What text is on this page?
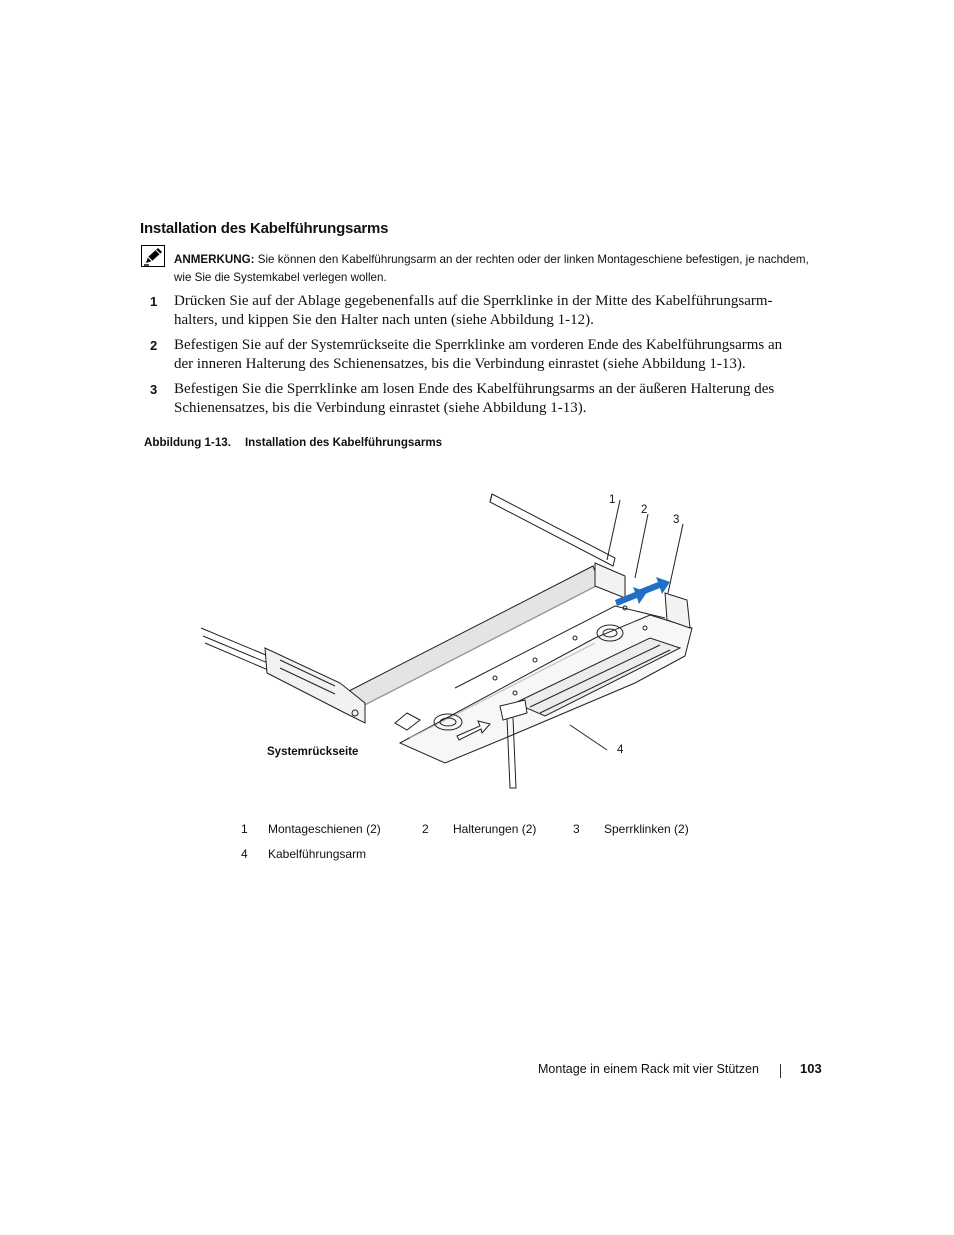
Installation des Kabelführungsarms
ANMERKUNG: Sie können den Kabelführungsarm an der rechten oder der linken Montageschiene befestigen, je nachdem, wie Sie die Systemkabel verlegen wollen.
1 Drücken Sie auf der Ablage gegebenenfalls auf die Sperrklinke in der Mitte des Kabelführungsarm-halters, und kippen Sie den Halter nach unten (siehe Abbildung 1-12).
2 Befestigen Sie auf der Systemrückseite die Sperrklinke am vorderen Ende des Kabelführungsarms an der inneren Halterung des Schienensatzes, bis die Verbindung einrastet (siehe Abbildung 1-13).
3 Befestigen Sie die Sperrklinke am losen Ende des Kabelführungsarms an der äußeren Halterung des Schienensatzes, bis die Verbindung einrastet (siehe Abbildung 1-13).
Abbildung 1-13. Installation des Kabelführungsarms
1
2
3
4
Systemrückseite
1 Montageschienen (2)	2 Halterungen (2)	3 Sperrklinken (2)
4 Kabelführungsarm
Montage in einem Rack mit vier Stützen	103
